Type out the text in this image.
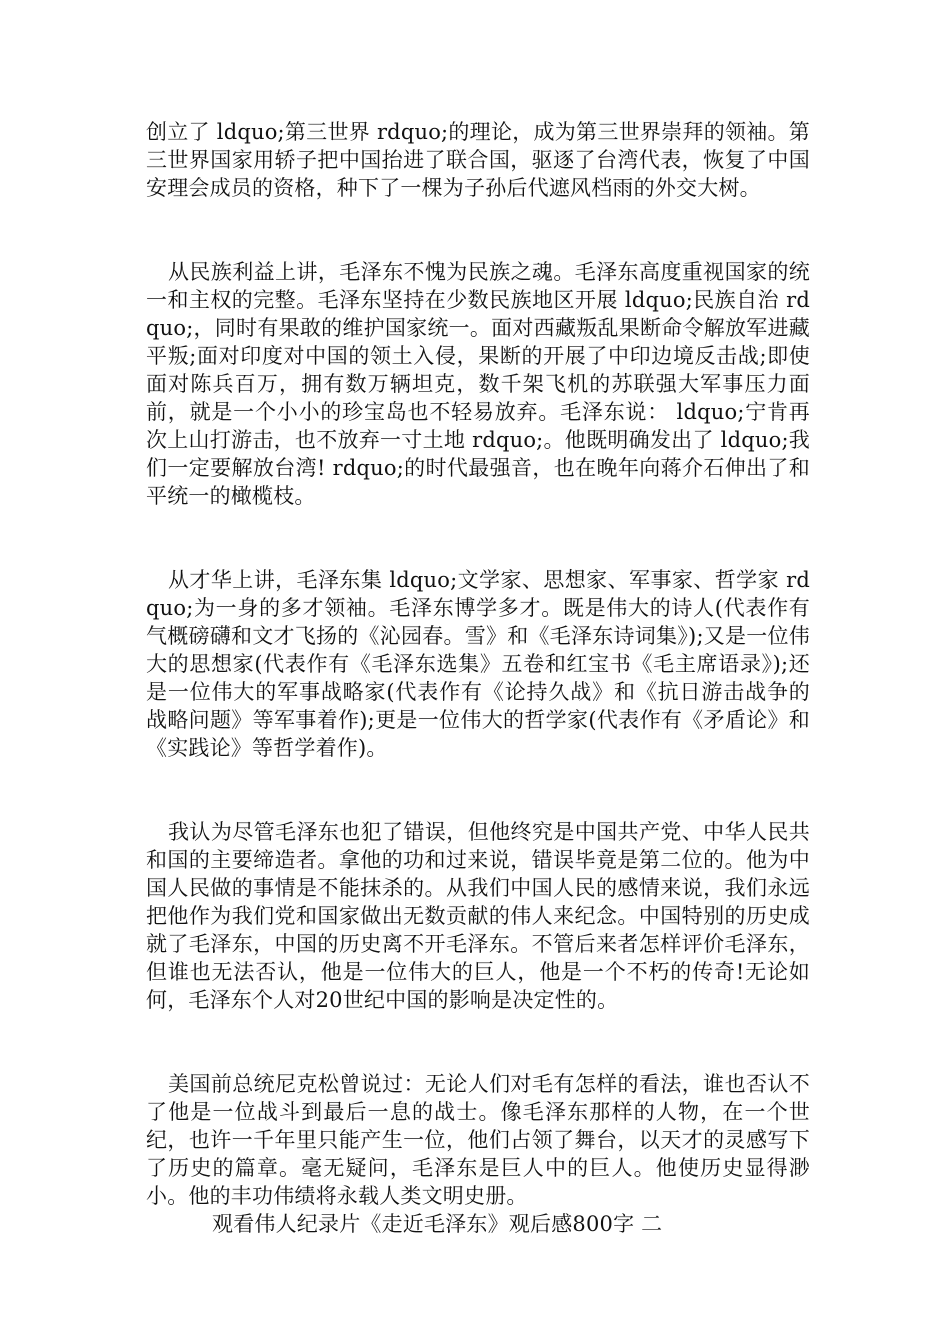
创立了 ldquo;第三世界 rdquo;的理论，成为第三世界崇拜的领袖。第三世界国家用轿子把中国抬进了联合国，驱逐了台湾代表，恢复了中国安理会成员的资格，种下了一棵为子孙后代遮风档雨的外交大树。

从民族利益上讲，毛泽东不愧为民族之魂。毛泽东高度重视国家的统一和主权的完整。毛泽东坚持在少数民族地区开展 ldquo;民族自治 rdquo;，同时有果敢的维护国家统一。面对西藏叛乱果断命令解放军进藏平叛;面对印度对中国的领土入侵，果断的开展了中印边境反击战;即使面对陈兵百万，拥有数万辆坦克，数千架飞机的苏联强大军事压力面前，就是一个小小的珍宝岛也不轻易放弃。毛泽东说： ldquo;宁肯再次上山打游击，也不放弃一寸土地 rdquo;。他既明确发出了 ldquo;我们一定要解放台湾! rdquo;的时代最强音，也在晚年向蒋介石伸出了和平统一的橄榄枝。

从才华上讲，毛泽东集 ldquo;文学家、思想家、军事家、哲学家 rdquo;为一身的多才领袖。毛泽东博学多才。既是伟大的诗人(代表作有气概磅礴和文才飞扬的《沁园春。雪》和《毛泽东诗词集》);又是一位伟大的思想家(代表作有《毛泽东选集》五卷和红宝书《毛主席语录》);还是一位伟大的军事战略家(代表作有《论持久战》和《抗日游击战争的战略问题》等军事着作);更是一位伟大的哲学家(代表作有《矛盾论》和《实践论》等哲学着作)。

我认为尽管毛泽东也犯了错误，但他终究是中国共产党、中华人民共和国的主要缔造者。拿他的功和过来说，错误毕竟是第二位的。他为中国人民做的事情是不能抹杀的。从我们中国人民的感情来说，我们永远把他作为我们党和国家做出无数贡献的伟人来纪念。中国特别的历史成就了毛泽东，中国的历史离不开毛泽东。不管后来者怎样评价毛泽东，但谁也无法否认，他是一位伟大的巨人，他是一个不朽的传奇!无论如何，毛泽东个人对20世纪中国的影响是决定性的。

美国前总统尼克松曾说过：无论人们对毛有怎样的看法，谁也否认不了他是一位战斗到最后一息的战士。像毛泽东那样的人物，在一个世纪，也许一千年里只能产生一位，他们占领了舞台，以天才的灵感写下了历史的篇章。毫无疑问，毛泽东是巨人中的巨人。他使历史显得渺小。他的丰功伟绩将永载人类文明史册。

观看伟人纪录片《走近毛泽东》观后感800字 二
